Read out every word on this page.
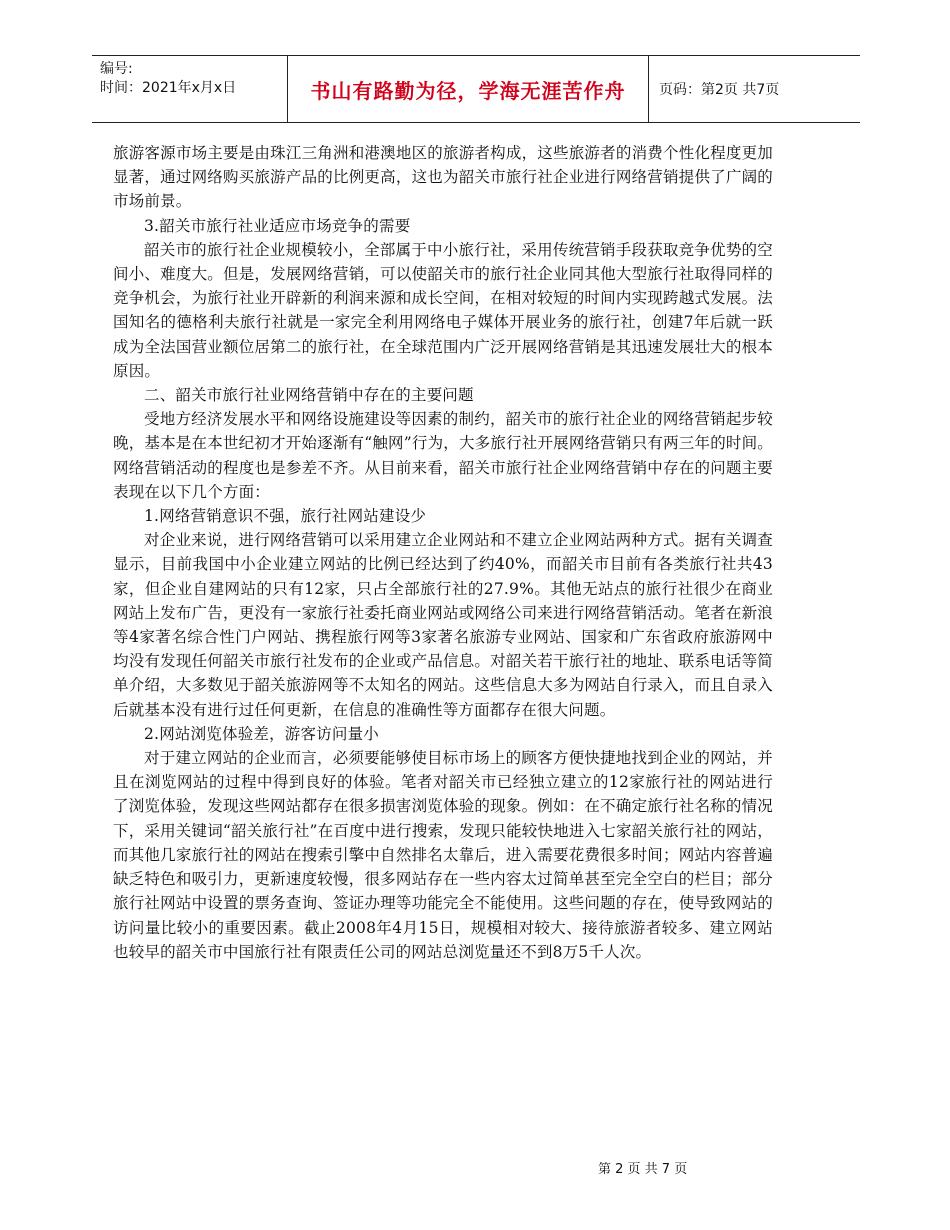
编号:
时间：2021年x月x日	书山有路勤为径，学海无涯苦作舟	页码：第2页 共7页

旅游客源市场主要是由珠江三角洲和港澳地区的旅游者构成，这些旅游者的消费个性化程度更加显著，通过网络购买旅游产品的比例更高，这也为韶关市旅行社企业进行网络营销提供了广阔的市场前景。

3.韶关市旅行社业适应市场竞争的需要

韶关市的旅行社企业规模较小，全部属于中小旅行社，采用传统营销手段获取竞争优势的空间小、难度大。但是，发展网络营销，可以使韶关市的旅行社企业同其他大型旅行社取得同样的竞争机会，为旅行社业开辟新的利润来源和成长空间，在相对较短的时间内实现跨越式发展。法国知名的德格利夫旅行社就是一家完全利用网络电子媒体开展业务的旅行社，创建7年后就一跃成为全法国营业额位居第二的旅行社，在全球范围内广泛开展网络营销是其迅速发展壮大的根本原因。

二、韶关市旅行社业网络营销中存在的主要问题

受地方经济发展水平和网络设施建设等因素的制约，韶关市的旅行社企业的网络营销起步较晚，基本是在本世纪初才开始逐渐有“触网”行为，大多旅行社开展网络营销只有两三年的时间。网络营销活动的程度也是参差不齐。从目前来看，韶关市旅行社企业网络营销中存在的问题主要表现在以下几个方面：

1.网络营销意识不强，旅行社网站建设少

对企业来说，进行网络营销可以采用建立企业网站和不建立企业网站两种方式。据有关调查显示，目前我国中小企业建立网站的比例已经达到了约40%，而韶关市目前有各类旅行社共43家，但企业自建网站的只有12家，只占全部旅行社的27.9%。其他无站点的旅行社很少在商业网站上发布广告，更没有一家旅行社委托商业网站或网络公司来进行网络营销活动。笔者在新浪等4家著名综合性门户网站、携程旅行网等3家著名旅游专业网站、国家和广东省政府旅游网中均没有发现任何韶关市旅行社发布的企业或产品信息。对韶关若干旅行社的地址、联系电话等简单介绍，大多数见于韶关旅游网等不太知名的网站。这些信息大多为网站自行录入，而且自录入后就基本没有进行过任何更新，在信息的准确性等方面都存在很大问题。

2.网站浏览体验差，游客访问量小

对于建立网站的企业而言，必须要能够使目标市场上的顾客方便快捷地找到企业的网站，并且在浏览网站的过程中得到良好的体验。笔者对韶关市已经独立建立的12家旅行社的网站进行了浏览体验，发现这些网站都存在很多损害浏览体验的现象。例如：在不确定旅行社名称的情况下，采用关键词“韶关旅行社”在百度中进行搜索，发现只能较快地进入七家韶关旅行社的网站，而其他几家旅行社的网站在搜索引擎中自然排名太靠后，进入需要花费很多时间；网站内容普遍缺乏特色和吸引力，更新速度较慢，很多网站存在一些内容太过简单甚至完全空白的栏目；部分旅行社网站中设置的票务查询、签证办理等功能完全不能使用。这些问题的存在，使导致网站的访问量比较小的重要因素。截止2008年4月15日，规模相对较大、接待旅游者较多、建立网站也较早的韶关市中国旅行社有限责任公司的网站总浏览量还不到8万5千人次。

第 2 页 共 7 页
